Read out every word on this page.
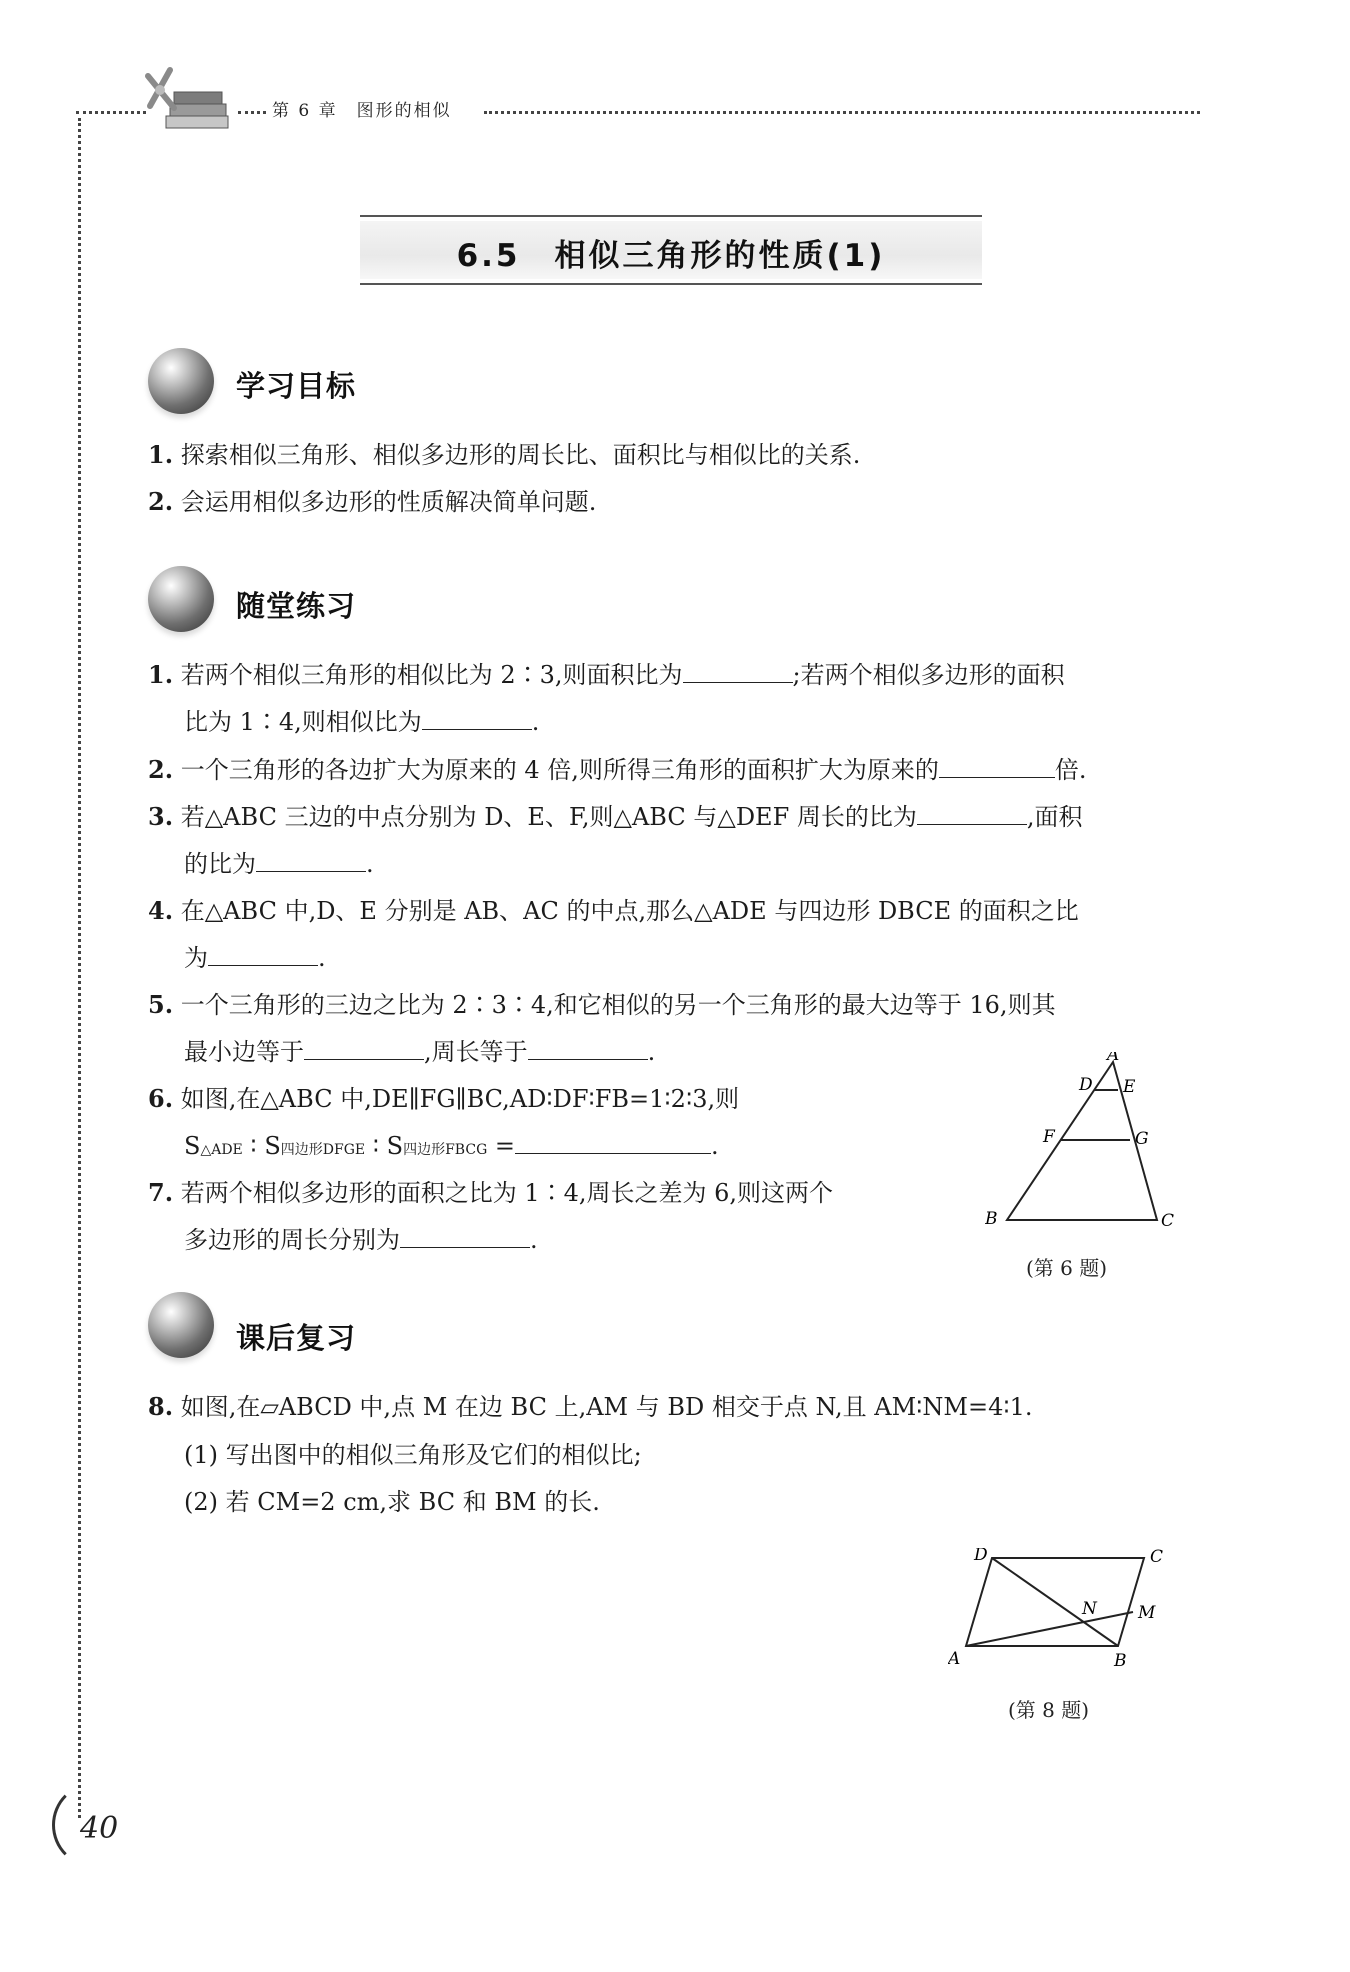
第 6 章　图形的相似
6.5　相似三角形的性质(1)
学习目标
1. 探索相似三角形、相似多边形的周长比、面积比与相似比的关系.
2. 会运用相似多边形的性质解决简单问题.
随堂练习
1. 若两个相似三角形的相似比为 2∶3,则面积比为	;若两个相似多边形的面积
比为 1∶4,则相似比为	.
2. 一个三角形的各边扩大为原来的 4 倍,则所得三角形的面积扩大为原来的	倍.
3. 若△ABC 三边的中点分别为 D、E、F,则△ABC 与△DEF 周长的比为	,面积
的比为	.
4. 在△ABC 中,D、E 分别是 AB、AC 的中点,那么△ADE 与四边形 DBCE 的面积之比
为	.
5. 一个三角形的三边之比为 2∶3∶4,和它相似的另一个三角形的最大边等于 16,则其
最小边等于	,周长等于	.
6. 如图,在△ABC 中,DE∥FG∥BC,AD∶DF∶FB=1∶2∶3,则
S△ADE ∶ S四边形DFGE ∶ S四边形FBCG =	.
7. 若两个相似多边形的面积之比为 1∶4,周长之差为 6,则这两个
多边形的周长分别为	.
A
D E
F	G
B	C
(第 6 题)
课后复习
8. 如图,在▱ABCD 中,点 M 在边 BC 上,AM 与 BD 相交于点 N,且 AM∶NM=4∶1.
(1) 写出图中的相似三角形及它们的相似比;
(2) 若 CM=2 cm,求 BC 和 BM 的长.
D	C
N M
A	B
(第 8 题)
40
